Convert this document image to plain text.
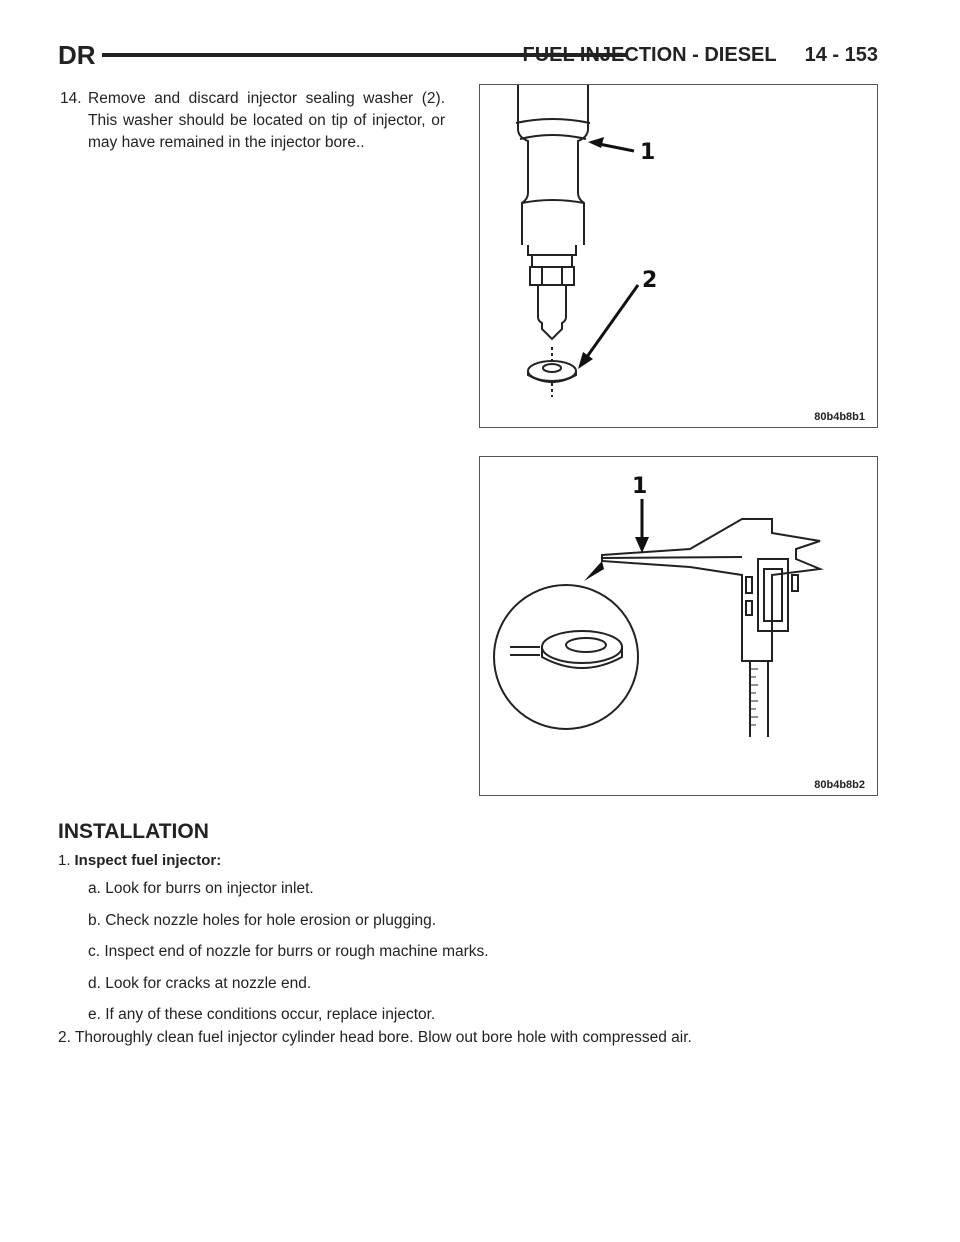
DR	FUEL INJECTION - DIESEL 14 - 153
14. Remove and discard injector sealing washer (2). This washer should be located on tip of injector, or may have remained in the injector bore..	1
2
80b4b8b1
1
80b4b8b2
INSTALLATION
1. Inspect fuel injector:
a. Look for burrs on injector inlet.
b. Check nozzle holes for hole erosion or plugging.
c. Inspect end of nozzle for burrs or rough machine marks.
d. Look for cracks at nozzle end.
e. If any of these conditions occur, replace injector.
2. Thoroughly clean fuel injector cylinder head bore. Blow out bore hole with compressed air.
